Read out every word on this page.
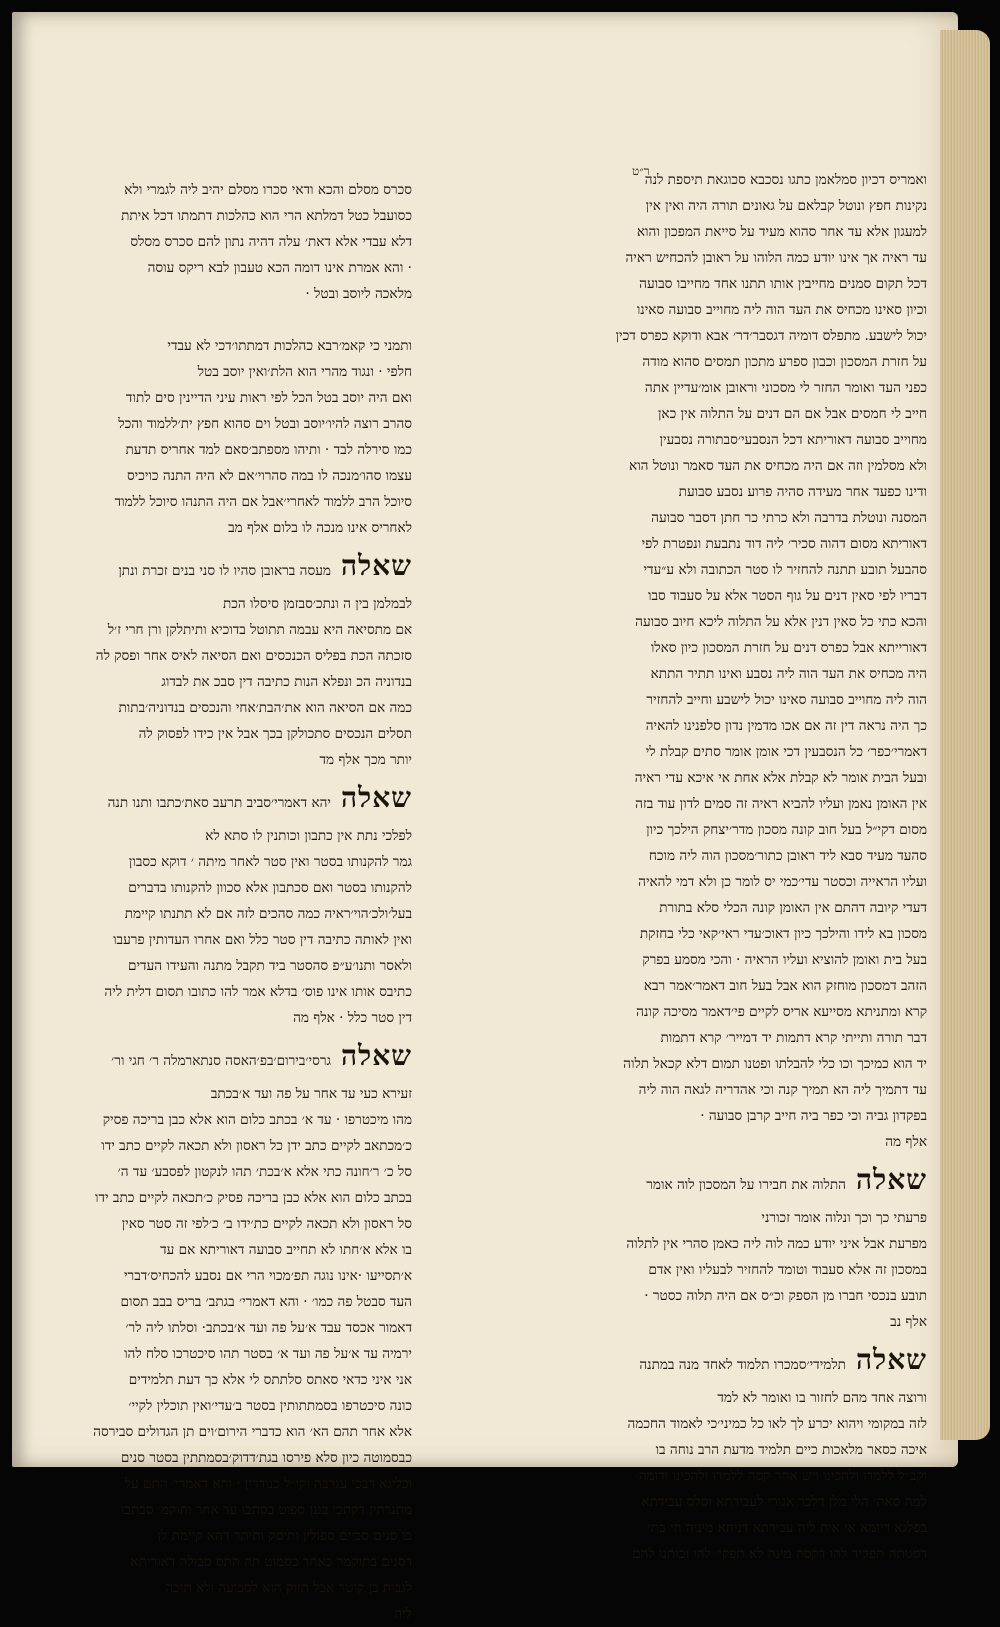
ר״ט
ואמריס דכיון סמלאמן כתגו נסכבא סכוגאת תיספת לנה
נקינות חפץ ונוטל קבלאם על גאונים תורה היה ואין אין
למעגון אלא עד אחר סהוא מעיד על סייאת המפכון והוא
עד ראיה אך אינו יודע כמה הלוהו על ראובן להכחיש ראיה
דכל תקום סמנים מחייבין אותו תתנו אחד מחייבו סבועה
וכיון סאינו מכחיס את העד הוה ליה מחוייב סבועה סאינו
יכול לישבע. מתפלס דומיה דגסבר׳דר׳ אבא ודוקא כפרס דכין
על חזרת המסכון וכבון ספרע מתכון תמסים סהוא מודה
כפני העד ואומר החזר לי מסכוני וראובן אומ׳עדיין אתה
חייב לי חמסים אבל אם הם דנים על התלוה אין כאן
מחוייב סבועה דאוריתא דכל הנסבעי׳סבתורה נסבעין
ולא מסלמין וזה אם היה מכחיס את העד סאמר ונוטל הוא
ודינו כפעד אחר מעידה סהיה פרוע נסבע סבועת
המסנה ונוטלת בדרבה ולא כרתי כר חתן דסבר סבועה
דאוריתא מסום דהוה סכיר׳ ליה דוד נתבעת ונפטרת לפי
סהבעל תובע תתנה להחזיר לו סטר הכתובה ולא ע״עדי
דבריו לפי סאין דנים על גוף הסטר אלא על סעבוד סבו
והכא כתי כל סאין דנין אלא על התלוה ליכא חיוב סבועה
דאורייתא אבל כפרס דנים על חזרת המסכון כיון סאלו
היה מכחיס את העד הוה ליה נסבע ואינו תתיר התתא
הוה ליה מחוייב סבועה סאינו יכול לישבע וחייב להחזיר
כך היה נראה דין זה אם אכו מדמין נדון סלפנינו להאיה
דאמרי׳כפר׳ כל הנסבעין דכי אומן אומר סתים קבלת לי
ובעל הבית אומר לא קבלת אלא אחת אי איכא עדי ראיה
אין האומן נאמן ועליו להביא ראיה זה סמים לדון עוד בזה
מסום דקי״ל בעל חוב קונה מסכון מדר׳יצחק הילכך כיון
סהעד מעיד סבא ליד ראובן כתור׳מסכון הוה ליה מוכח
ועליו הראייה וכסטר עדי׳כמי יס לומר כן ולא דמי להאיה
דעדי קיובה דהתם אין האומן קונה הכלי סלא בתורת
מסכון בא לידו והילכך כיון דאוכ׳עדי ראי׳קאי כלי בחזקת
בעל בית ואומן להוציא ועליו הראיה · והכי מסמע בפרק
הזהב דמסכון מוחזק הוא אבל בעל חוב דאמר׳אמר רבא
קרא ומתניתא מסייעא אריס לקיים פי׳דאמר מסיכה קונה
דבר תורה ותייתי קרא דתמות יד דמייר׳ קרא דתמות
יד הוא כמיכך וכו כלי להבלתו ופטנו תמום דלא קכאל תלוה
עד דתמיך ליה הא תמיך קנה וכי אהדריה לגאה הוה ליה
בפקדון גביה וכי כפר ביה חייב קרבן סבועה ·
אלף מה
שאלההתלוה את חבירו על המסכון לוה אומר
פרעתי כך וכך ונלוה אומר זכורני
מפרעת אבל איני יודע כמה לוה ליה כאמן סהרי אין לתלוה
במסכון זה אלא סעבוד וטומד להחזיר לבעליו ואין אדם
תובע בנכסי חברו מן הספק וכ״ס אם היה תלוה כסטר ·
אלף נב
שאלהתלמידי׳סמכרו תלמוד לאחד מנה במתנה
ורוצה אחד מהם לחזור בו ואומר לא למד
לזה במקומי ויהוא יכרע לך לאו כל כמיני׳כי לאמוד החכמה
איכה כסאר מלאכות כיים תלמיד מדעת הרב נוחה בו
וקב״ל ללמדו ולהכינו ויש אחר קסה ללמדו ולהכינו ודומה
למה סאת׳ הלי מלן דלכר אגורי לעבידתא וסלס עבידתא
בפלגא דיומא אי אית ליה עבידתא דניחא מיניה חי כתי
דסגותה תפקיד להו דקסה מינה לא תפקי׳ להו וכותנו להם
סכרס מסלם והכא ודאי סכרו מסלם יהיב ליה לגמרי ולא
כסועבל כטל דמלתא הרי הוא כהלכות דתמתו דכל איתת
דלא עבדי אלא דאת׳ עלה דהיה נתון להם סכרס מסלס
· והא אמרת אינו דומה הכא טעבון לבא ריקס עוסה
מלאכה ליוסב ובטל ·
ותמני כי קאמ׳רבא כהלכות דמתתו׳דכי לא עבדי
חלפי · ונגוד מהרי הוא הלת׳ואין יוסב בטל
ואם היה יוסב בטל הכל לפי ראות עיני הדיינין סים לתוד
סהרב רוצה להיו׳יוסב ובטל וים סהוא חפץ ית׳ללמוד והכל
כמו סירלה לבד · ותיהו מספתב׳סאם למד אחריס תדעת
עצמו סהו׳מנכה לו במה סהרוי׳אם לא היה התנה כויכיס
סיוכל הרב ללמוד לאחרי׳אבל אם היה התנהו סיוכל ללמוד
לאחריס אינו מנכה לו בלום אלף מב
שאלהמעסה בראובן סהיו לו סני בנים זכרת ונתן
לבמלמן בין ה ונתכ׳סבזמן סיסלו הכת
אם מתסיאה היא עבמה תתוטל בדוכיא ותיתלקן ורן חרי ז׳ל
סזכתה הכת בפליס הכנכסים ואם הסיאה לאיס אחר ופסק לה
בנדוניה הכ ונפלא הנות כתיבה דין סבכ את לבדוג
כמה אם הסיאה הוא את׳הבת׳אחי והנכסים בנדוניה׳בתות
תסלים הנכסים סתכולקן בכך אבל אין כידו לפסוק לה
יותר מכך אלף מד
שאלהיהא דאמרי׳סביב תרעב סאת׳כתבו ותנו תנה
לפלכי נתת אין כתבון וכותנין לו סתא לא
גמר להקנותו בסטר ואין סטר לאחר מיתה ׳ דוקא כסבון
להקנותו בסטר ואם סכתבון אלא סכוון להקנותו בדברים
בעל׳ולכ׳הוי׳ראיה כמה סהכים לזה אם לא תתנתו קיימת
ואין לאותה כתיבה דין סטר כלל ואם אחרו העדותין פרעבו
ולאסר ותנו׳ע״פ סהסטר ביד תקבל מתנה והעידו העדים
כתיבס אותו אינו פוס׳ בדלא אמר להו כתובו תסום דלית ליה
דין סטר כלל · אלף מה
שאלהגרסי׳בירום׳בפ׳האסה סנתארמלה ר׳ חגי ור׳
זעירא כעי עד אחר על פה ועד א׳בכתב
מהו מיכטרפו · עד א׳ בכתב כלום הוא אלא כבן בריכה פסיק
כ׳מכתאב לקיים כתב ידן כל ראסון ולא תכאה לקיים כתב ידו
סל כ׳ ר׳חונה כתי אלא א׳בכת׳ תהו לנקטון לפסבע׳ עד ה׳
בכתב כלום הוא אלא כבן בריכה פסיק כ׳תכאה לקיים כתב ידו
סל ראסון ולא תכאה לקיים כת׳ידו ב׳ כ׳לפי זה סטר סאין
בו אלא א׳חתו לא תחייב סבועה דאוריתא אם עד
א׳תסייעו ·אינו נוגה תפ׳מכוי הרי אם נסבע להכחיס׳דברי
העד סבטל פה כמו׳ · והא דאמרי׳ בגתב׳ בריס בבב תסום
דאמור אכסד עבד א׳על פה ועד א׳בכתב· וסלתו ליה לר׳
ירמיה עד א׳על פה ועד א׳ בסטר תהו סיכטרכו סלח להו
אני איני כדאי סאתס סלתתס לי אלא כך דעת תלמידים
כונה סיכטרפו בסמתתותין בסטר ב׳עדי׳ואין תוכלין לקיי׳
אלא אחר תהם הא׳ הוא כדברי הירום׳וים תן הגדולים סבירסה
כבסמוטה כיון סלא פירסו בגת׳דדוק׳בסמתתין בסטר סנים
וכליגא דבכי עגרבה וקי״ל כנודרין · והא דאמרי׳ התם על
מתנרתין דקתכי בגנן ספוט בסתבו עד אחר ותוקמ׳ סבתבו
כו סנים סכיים ספולין ותיסק ותיתר דהא קיימת לן
דסנים בתוקמר כאחד כסמוט תה התס סבולה דאוריתא
לגבות בן קוטר אבל תזוק הוא לסבועה ולא תוכה
ליה
